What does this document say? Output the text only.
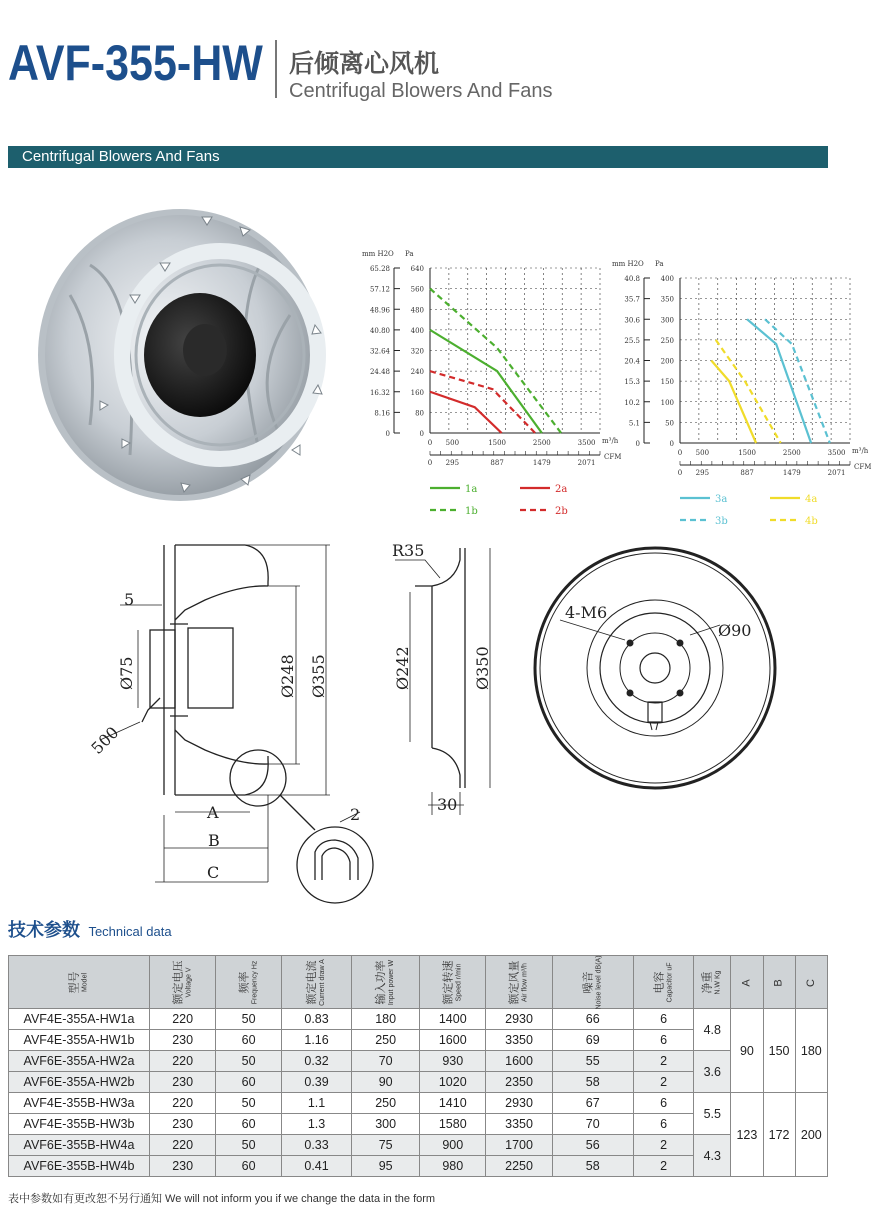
AVF-355-HW 后倾离心风机
Centrifugal Blowers And Fans
Centrifugal Blowers And Fans
640
65.28
560
57.12
480
48.96
400
40.80
320
32.64
240
24.48
160
16.32
80
8.16
0
0
Pa
mm H2O
0 500	1500	2500	3500 m³/h
0 295	887	1479	2071
CFM
1a
1b
2a
2b
400
40.8
350
35.7
300
30.6
250
25.5
200
20.4
150
15.3
100
10.2
50
5.1
0
0
Pa
mm H2O
0 500	1500	2500	3500 m³/h
0 295	887	1479	2071
CFM
3a
3b
4a
4b
5
Ø75
500
Ø248 Ø355
A
B
C
2
R35
Ø242	Ø350
30
4-M6
Ø90
技术参数 Technical data
型号 Model	额定电压 Voltage V	频率 Frequency Hz	额定电流 Current draw A	输入功率 Input power W	额定转速 Speed r/min	额定风量 Air flow m³/h	噪音 Noise level dB(A)	电容 Capacitor uF	净重 N.W Kg	A	B	C
AVF4E-355A-HW1a	220	50	0.83	180	1400	2930	66	6	4.8	90	150	180
AVF4E-355A-HW1b	230	60	1.16	250	1600	3350	69	6				
AVF6E-355A-HW2a	220	50	0.32	70	930	1600	55	2	3.6			
AVF6E-355A-HW2b	230	60	0.39	90	1020	2350	58	2				
AVF4E-355B-HW3a	220	50	1.1	250	1410	2930	67	6	5.5	123	172	200
AVF4E-355B-HW3b	230	60	1.3	300	1580	3350	70	6				
AVF6E-355B-HW4a	220	50	0.33	75	900	1700	56	2	4.3			
AVF6E-355B-HW4b	230	60	0.41	95	980	2250	58	2				
表中参数如有更改恕不另行通知 We will not inform you if we change the data in the form
